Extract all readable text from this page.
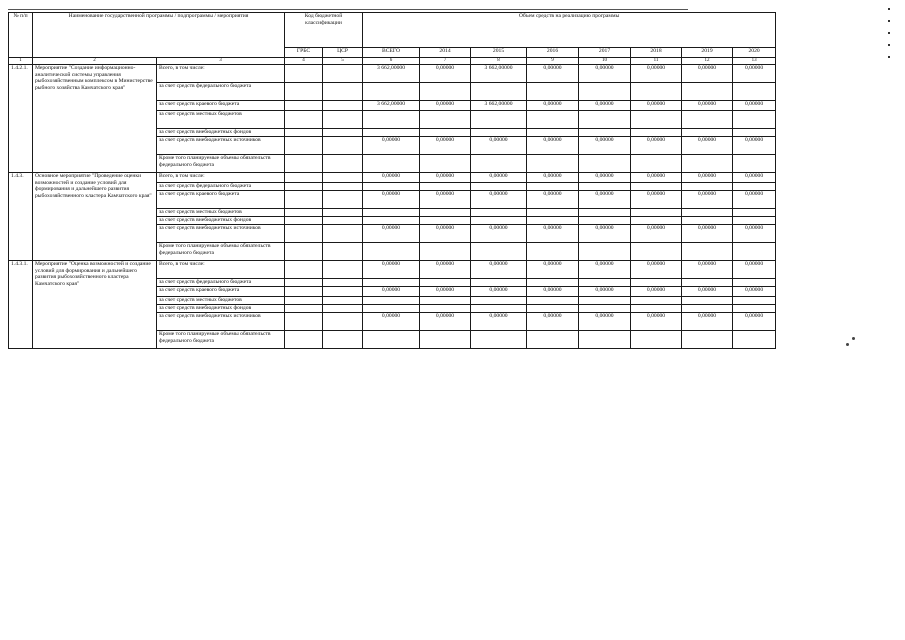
№ п/п	Наименование государственной программы / подпрограммы / мероприятия		Код бюджетной классификации		Объем средств на реализацию программы							
			ГРБС	ЦСР	ВСЕГО	2014	2015	2016	2017	2018	2019	2020
1	2	3	4	5	6	7	8	9	10	11	12	13
1.4.2.1.	Мероприятие "Создание информационно-аналитической системы управления рыбохозяйственным комплексом в Министерстве рыбного хозяйства Камчатского края"	Всего, в том числе:			3 662,00000	0,00000	3 662,00000	0,00000	0,00000	0,00000	0,00000	0,00000
		за счет средств федерального бюджета										
		за счет средств краевого бюджета			3 662,00000	0,00000	3 662,00000	0,00000	0,00000	0,00000	0,00000	0,00000
		за счет средств местных бюджетов										
		за счет средств внебюджетных фондов										
		за счет средств внебюджетных источников			0,00000	0,00000	0,00000	0,00000	0,00000	0,00000	0,00000	0,00000
		Кроме того планируемые объемы обязательств федерального бюджета										
1.4.3.	Основное мероприятие "Проведение оценки возможностей и создание условий для формирования и дальнейшего развития рыбохозяйственного кластера Камчатского края"	Всего, в том числе:			0,00000	0,00000	0,00000	0,00000	0,00000	0,00000	0,00000	0,00000
		за счет средств федерального бюджета										
		за счет средств краевого бюджета			0,00000	0,00000	0,00000	0,00000	0,00000	0,00000	0,00000	0,00000
		за счет средств местных бюджетов										
		за счет средств внебюджетных фондов										
		за счет средств внебюджетных источников			0,00000	0,00000	0,00000	0,00000	0,00000	0,00000	0,00000	0,00000
		Кроме того планируемые объемы обязательств федерального бюджета										
1.4.3.1.	Мероприятие "Оценка возможностей и создание условий для формирования и дальнейшего развития рыбохозяйственного кластера Камчатского края"	Всего, в том числе:			0,00000	0,00000	0,00000	0,00000	0,00000	0,00000	0,00000	0,00000
		за счет средств федерального бюджета										
		за счет средств краевого бюджета			0,00000	0,00000	0,00000	0,00000	0,00000	0,00000	0,00000	0,00000
		за счет средств местных бюджетов										
		за счет средств внебюджетных фондов										
		за счет средств внебюджетных источников			0,00000	0,00000	0,00000	0,00000	0,00000	0,00000	0,00000	0,00000
		Кроме того планируемые объемы обязательств федерального бюджета										
